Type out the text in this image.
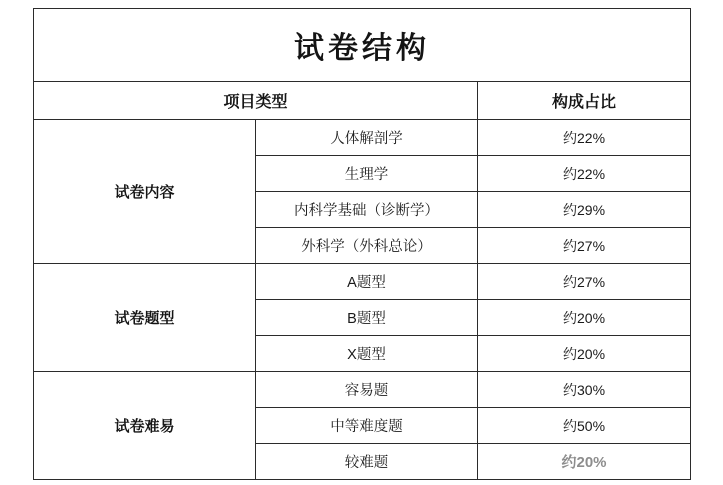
试卷结构		
项目类型		构成占比
试卷内容	人体解剖学	约22%
	生理学	约22%
	内科学基础（诊断学）	约29%
	外科学（外科总论）	约27%
试卷题型	A题型	约27%
	B题型	约20%
	X题型	约20%
试卷难易	容易题	约30%
	中等难度题	约50%
	较难题	约20%
